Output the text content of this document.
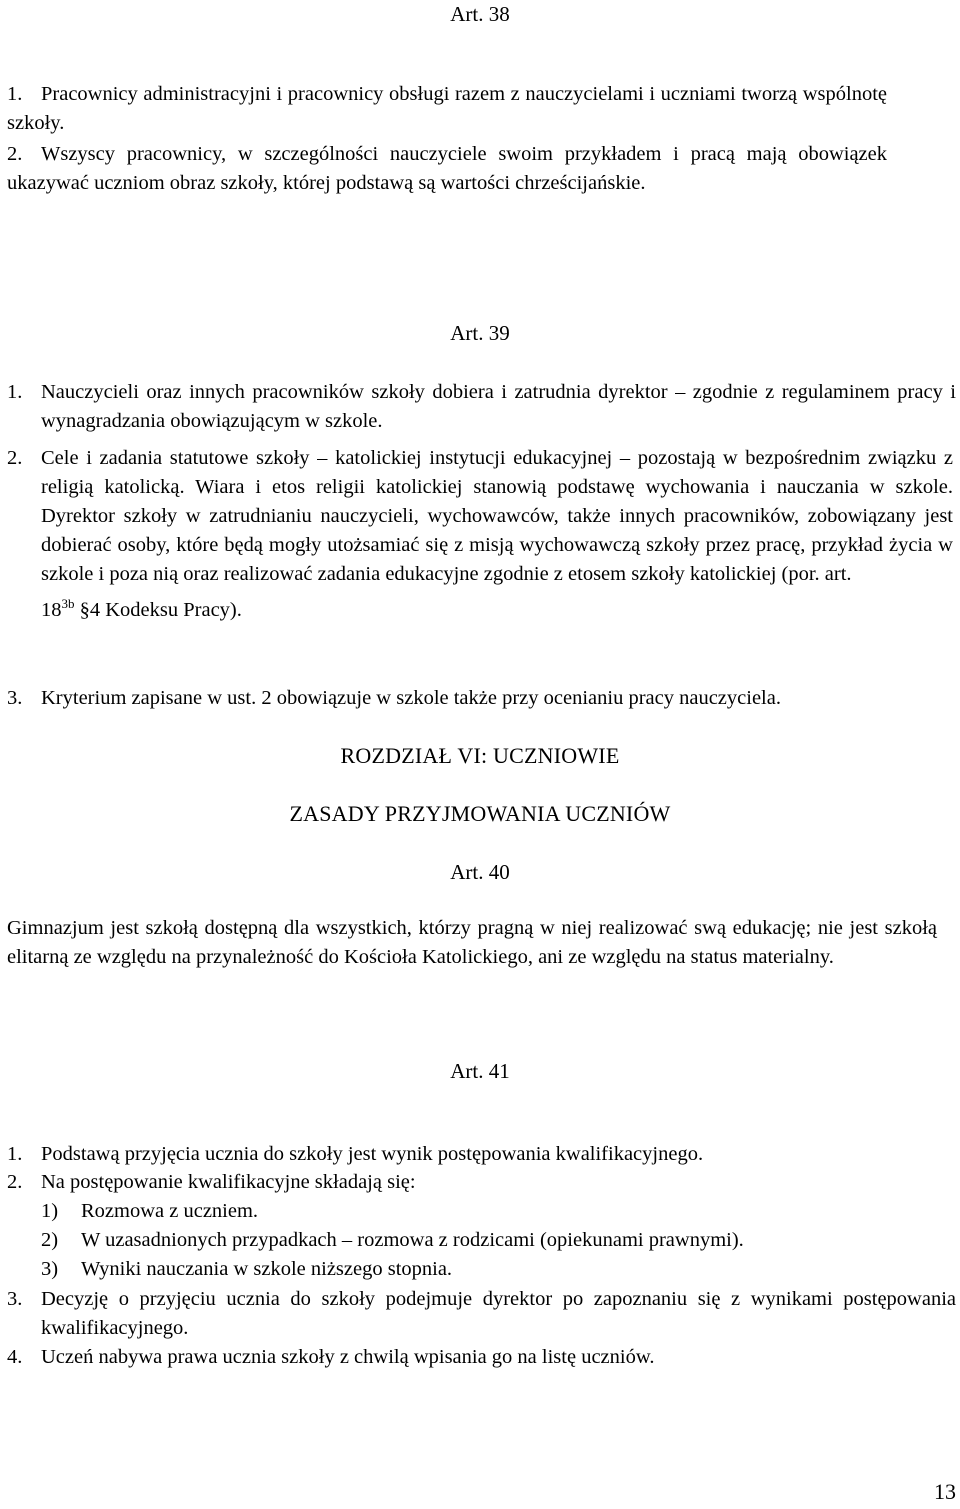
Art. 38
1. Pracownicy administracyjni i pracownicy obsługi razem z nauczycielami i uczniami tworzą wspólnotę szkoły.
2. Wszyscy pracownicy, w szczególności nauczyciele swoim przykładem i pracą mają obowiązek ukazywać uczniom obraz szkoły, której podstawą są wartości chrześcijańskie.
Art. 39
1. Nauczycieli oraz innych pracowników szkoły dobiera i zatrudnia dyrektor – zgodnie z regulaminem pracy i wynagradzania obowiązującym w szkole.
2. Cele i zadania statutowe szkoły – katolickiej instytucji edukacyjnej – pozostają w bezpośrednim związku z religią katolicką. Wiara i etos religii katolickiej stanowią podstawę wychowania i nauczania w szkole. Dyrektor szkoły w zatrudnianiu nauczycieli, wychowawców, także innych pracowników, zobowiązany jest dobierać osoby, które będą mogły utożsamiać się z misją wychowawczą szkoły przez pracę, przykład życia w szkole i poza nią oraz realizować zadania edukacyjne zgodnie z etosem szkoły katolickiej (por. art.
$18^{3b}$ §4 Kodeksu Pracy).
3. Kryterium zapisane w ust. 2 obowiązuje w szkole także przy ocenianiu pracy nauczyciela.
ROZDZIAŁ VI: UCZNIOWIE
ZASADY PRZYJMOWANIA UCZNIÓW
Art. 40
Gimnazjum jest szkołą dostępną dla wszystkich, którzy pragną w niej realizować swą edukację; nie jest szkołą elitarną ze względu na przynależność do Kościoła Katolickiego, ani ze względu na status materialny.
Art. 41
1. Podstawą przyjęcia ucznia do szkoły jest wynik postępowania kwalifikacyjnego.
2. Na postępowanie kwalifikacyjne składają się:
1) Rozmowa z uczniem.
2) W uzasadnionych przypadkach – rozmowa z rodzicami (opiekunami prawnymi).
3) Wyniki nauczania w szkole niższego stopnia.
3. Decyzję o przyjęciu ucznia do szkoły podejmuje dyrektor po zapoznaniu się z wynikami postępowania kwalifikacyjnego.
4. Uczeń nabywa prawa ucznia szkoły z chwilą wpisania go na listę uczniów.
13
